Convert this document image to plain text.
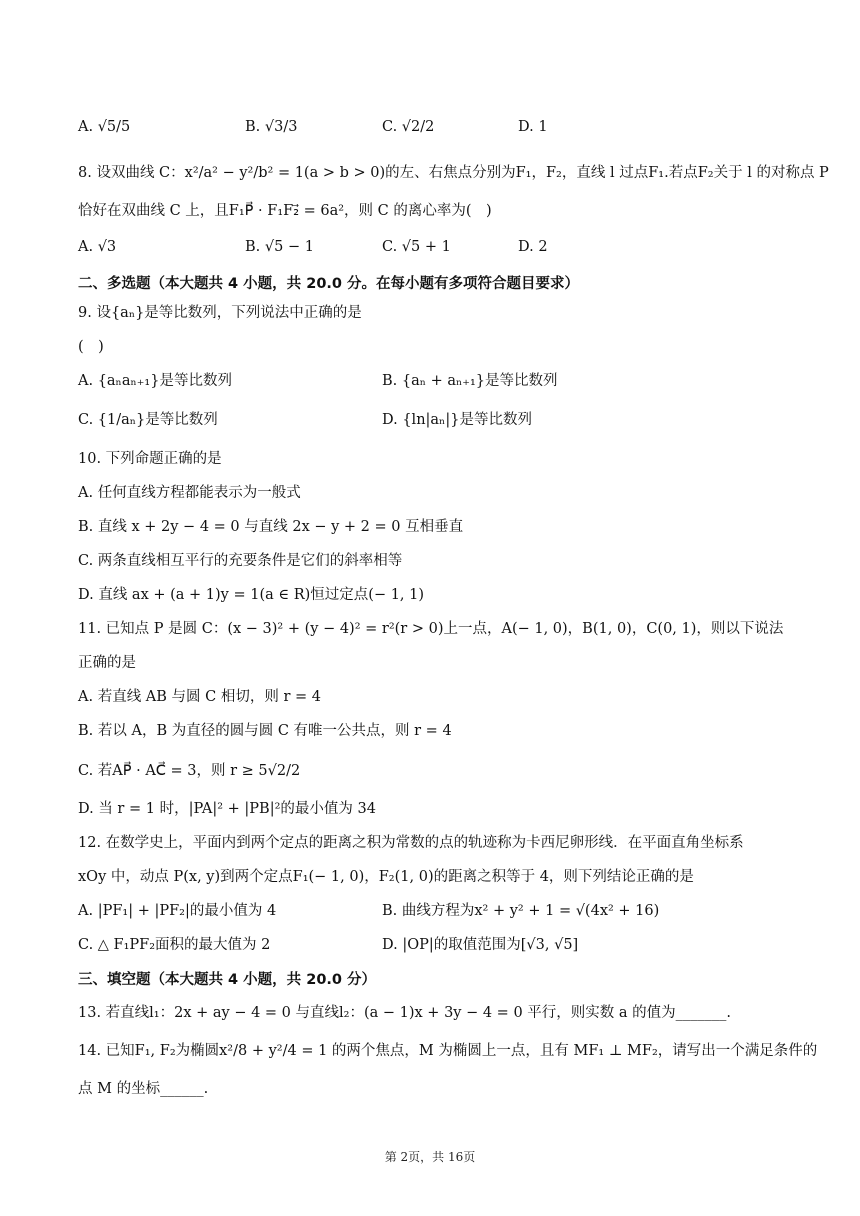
A. √5/5	B. √3/3	C. √2/2	D. 1
8. 设双曲线 C：x²/a² − y²/b² = 1(a > b > 0)的左、右焦点分别为F₁，F₂，直线 l 过点F₁.若点F₂关于 l 的对称点 P
恰好在双曲线 C 上，且F₁P⃗ · F₁F₂⃗ = 6a²，则 C 的离心率为(　)
A. √3	B. √5 − 1	C. √5 + 1	D. 2
二、多选题（本大题共 4 小题，共 20.0 分。在每小题有多项符合题目要求）
9. 设{aₙ}是等比数列，下列说法中正确的是
(　)
A. {aₙaₙ₊₁}是等比数列	B. {aₙ + aₙ₊₁}是等比数列
C. {1/aₙ}是等比数列	D. {ln|aₙ|}是等比数列
10. 下列命题正确的是
A. 任何直线方程都能表示为一般式
B. 直线 x + 2y − 4 = 0 与直线 2x − y + 2 = 0 互相垂直
C. 两条直线相互平行的充要条件是它们的斜率相等
D. 直线 ax + (a + 1)y = 1(a ∈ R)恒过定点(− 1, 1)
11. 已知点 P 是圆 C：(x − 3)² + (y − 4)² = r²(r > 0)上一点，A(− 1, 0)，B(1, 0)，C(0, 1)，则以下说法
正确的是
A. 若直线 AB 与圆 C 相切，则 r = 4
B. 若以 A，B 为直径的圆与圆 C 有唯一公共点，则 r = 4
C. 若AP⃗ · AC⃗ = 3，则 r ≥ 5√2/2
D. 当 r = 1 时，|PA|² + |PB|²的最小值为 34
12. 在数学史上，平面内到两个定点的距离之积为常数的点的轨迹称为卡西尼卵形线．在平面直角坐标系
xOy 中，动点 P(x, y)到两个定点F₁(− 1, 0)，F₂(1, 0)的距离之积等于 4，则下列结论正确的是
A. |PF₁| + |PF₂|的最小值为 4	B. 曲线方程为x² + y² + 1 = √(4x² + 16)
C. △ F₁PF₂面积的最大值为 2	D. |OP|的取值范围为[√3, √5]
三、填空题（本大题共 4 小题，共 20.0 分）
13. 若直线l₁：2x + ay − 4 = 0 与直线l₂：(a − 1)x + 3y − 4 = 0 平行，则实数 a 的值为_______.
14. 已知F₁, F₂为椭圆x²/8 + y²/4 = 1 的两个焦点，M 为椭圆上一点，且有 MF₁ ⊥ MF₂，请写出一个满足条件的
点 M 的坐标______.
第 2页，共 16页
